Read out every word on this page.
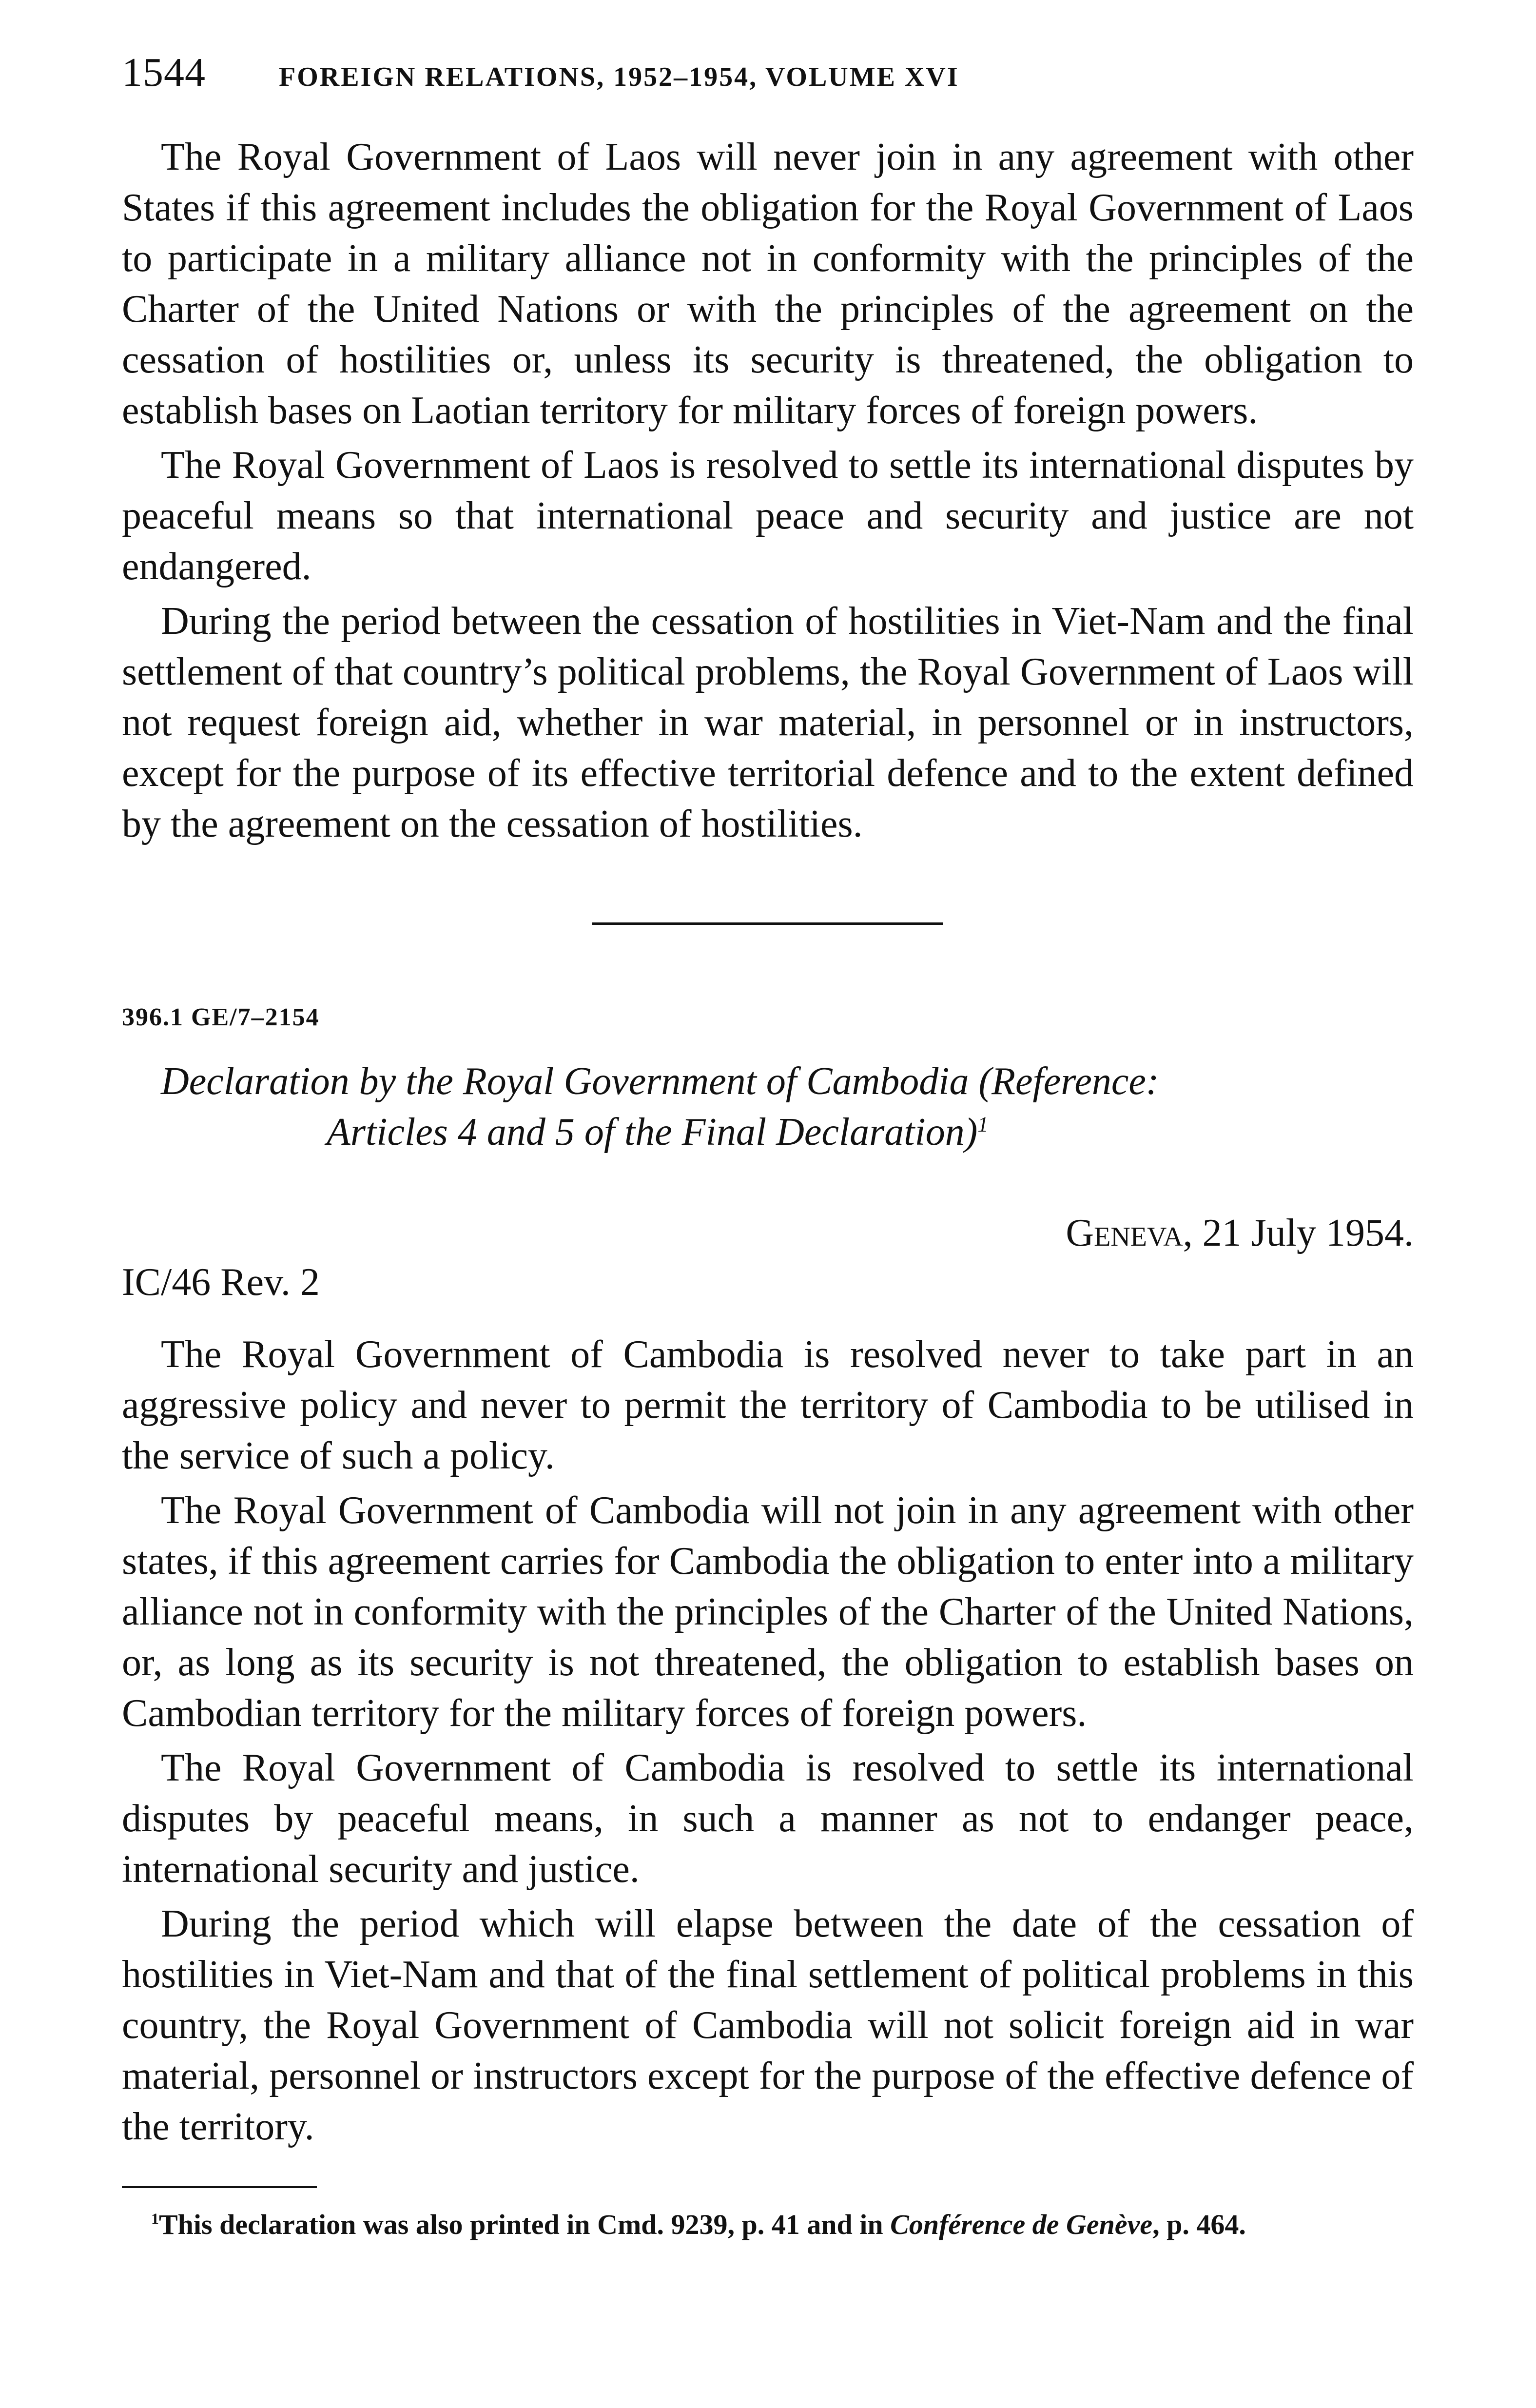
1544	FOREIGN RELATIONS, 1952–1954, VOLUME XVI

The Royal Government of Laos will never join in any agreement with other States if this agreement includes the obligation for the Royal Government of Laos to participate in a military alliance not in conformity with the principles of the Charter of the United Nations or with the principles of the agreement on the cessation of hostilities or, unless its security is threatened, the obligation to establish bases on Laotian territory for military forces of foreign powers.

The Royal Government of Laos is resolved to settle its international disputes by peaceful means so that international peace and security and justice are not endangered.

During the period between the cessation of hostilities in Viet-Nam and the final settlement of that country’s political problems, the Royal Government of Laos will not request foreign aid, whether in war material, in personnel or in instructors, except for the purpose of its effective territorial defence and to the extent defined by the agreement on the cessation of hostilities.

396.1 GE/7–2154
Declaration by the Royal Government of Cambodia (Reference:
Articles 4 and 5 of the Final Declaration)$^1$
Geneva, 21 July 1954.
IC/46 Rev. 2

The Royal Government of Cambodia is resolved never to take part in an aggressive policy and never to permit the territory of Cambodia to be utilised in the service of such a policy.

The Royal Government of Cambodia will not join in any agreement with other states, if this agreement carries for Cambodia the obligation to enter into a military alliance not in conformity with the principles of the Charter of the United Nations, or, as long as its security is not threatened, the obligation to establish bases on Cambodian territory for the military forces of foreign powers.

The Royal Government of Cambodia is resolved to settle its international disputes by peaceful means, in such a manner as not to endanger peace, international security and justice.

During the period which will elapse between the date of the cessation of hostilities in Viet-Nam and that of the final settlement of political problems in this country, the Royal Government of Cambodia will not solicit foreign aid in war material, personnel or instructors except for the purpose of the effective defence of the territory.

$^1$This declaration was also printed in Cmd. 9239, p. 41 and in Conférence de Genève, p. 464.
